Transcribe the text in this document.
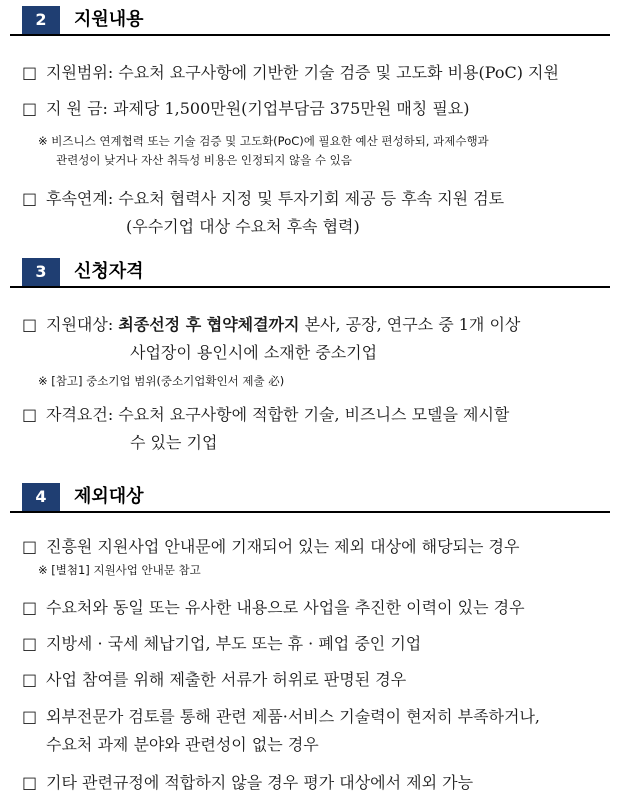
2	지원내용
□ 지원범위: 수요처 요구사항에 기반한 기술 검증 및 고도화 비용(PoC) 지원
□ 지 원 금: 과제당 1,500만원(기업부담금 375만원 매칭 필요)
※ 비즈니스 연계협력 또는 기술 검증 및 고도화(PoC)에 필요한 예산 편성하되, 과제수행과
관련성이 낮거나 자산 취득성 비용은 인정되지 않을 수 있음
□ 후속연계: 수요처 협력사 지정 및 투자기회 제공 등 후속 지원 검토
(우수기업 대상 수요처 후속 협력)
3	신청자격
□ 지원대상: 최종선정 후 협약체결까지 본사, 공장, 연구소 중 1개 이상
사업장이 용인시에 소재한 중소기업
※ [참고] 중소기업 범위(중소기업확인서 제출 必)
□ 자격요건: 수요처 요구사항에 적합한 기술, 비즈니스 모델을 제시할
수 있는 기업
4	제외대상
□ 진흥원 지원사업 안내문에 기재되어 있는 제외 대상에 해당되는 경우
※ [별첨1] 지원사업 안내문 참고
□ 수요처와 동일 또는 유사한 내용으로 사업을 추진한 이력이 있는 경우
□ 지방세 · 국세 체납기업, 부도 또는 휴 · 폐업 중인 기업
□ 사업 참여를 위해 제출한 서류가 허위로 판명된 경우
□ 외부전문가 검토를 통해 관련 제품·서비스 기술력이 현저히 부족하거나,
수요처 과제 분야와 관련성이 없는 경우
□ 기타 관련규정에 적합하지 않을 경우 평가 대상에서 제외 가능
